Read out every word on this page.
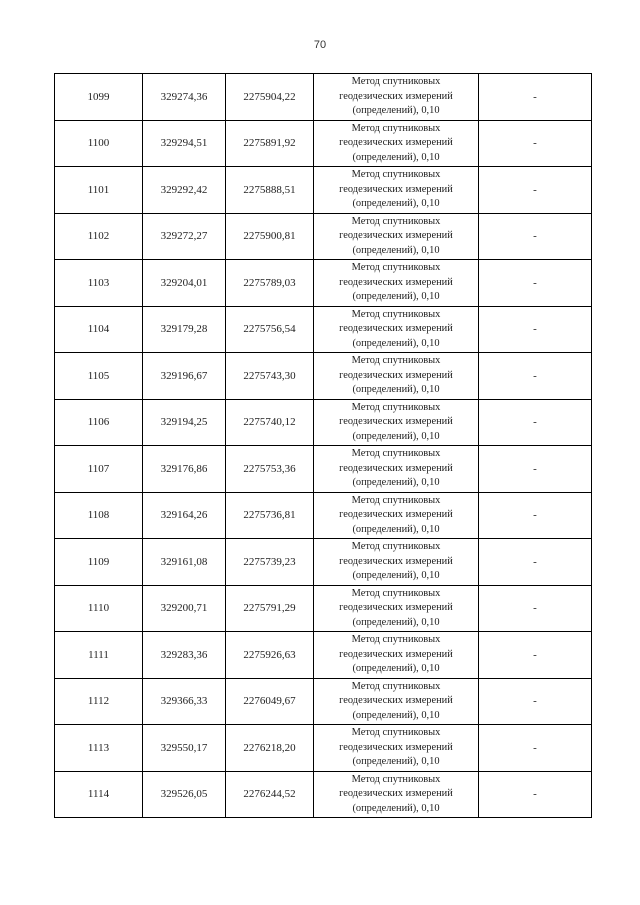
70
1099	329274,36	2275904,22	Метод спутниковых
геодезических измерений
(определений), 0,10	-
1100	329294,51	2275891,92	Метод спутниковых
геодезических измерений
(определений), 0,10	-
1101	329292,42	2275888,51	Метод спутниковых
геодезических измерений
(определений), 0,10	-
1102	329272,27	2275900,81	Метод спутниковых
геодезических измерений
(определений), 0,10	-
1103	329204,01	2275789,03	Метод спутниковых
геодезических измерений
(определений), 0,10	-
1104	329179,28	2275756,54	Метод спутниковых
геодезических измерений
(определений), 0,10	-
1105	329196,67	2275743,30	Метод спутниковых
геодезических измерений
(определений), 0,10	-
1106	329194,25	2275740,12	Метод спутниковых
геодезических измерений
(определений), 0,10	-
1107	329176,86	2275753,36	Метод спутниковых
геодезических измерений
(определений), 0,10	-
1108	329164,26	2275736,81	Метод спутниковых
геодезических измерений
(определений), 0,10	-
1109	329161,08	2275739,23	Метод спутниковых
геодезических измерений
(определений), 0,10	-
1110	329200,71	2275791,29	Метод спутниковых
геодезических измерений
(определений), 0,10	-
1111	329283,36	2275926,63	Метод спутниковых
геодезических измерений
(определений), 0,10	-
1112	329366,33	2276049,67	Метод спутниковых
геодезических измерений
(определений), 0,10	-
1113	329550,17	2276218,20	Метод спутниковых
геодезических измерений
(определений), 0,10	-
1114	329526,05	2276244,52	Метод спутниковых
геодезических измерений
(определений), 0,10	-
